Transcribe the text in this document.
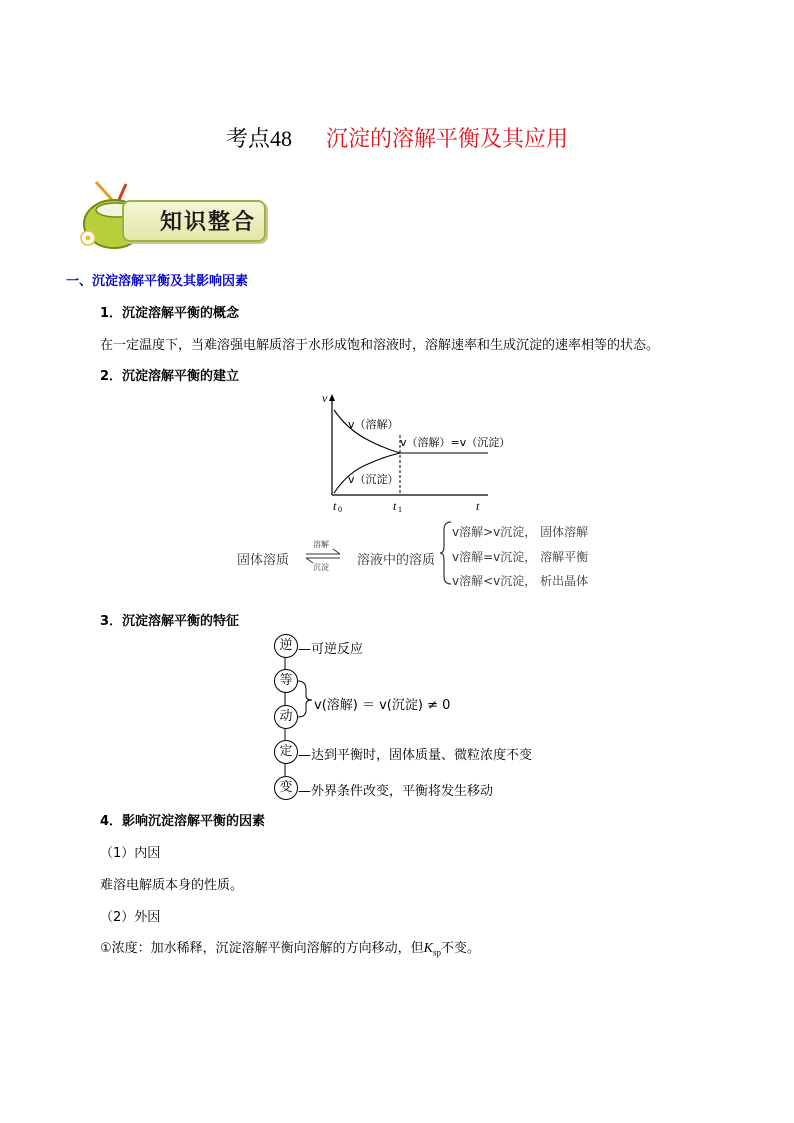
考点48 沉淀的溶解平衡及其应用
知识整合
一、沉淀溶解平衡及其影响因素
1．沉淀溶解平衡的概念
在一定温度下，当难溶强电解质溶于水形成饱和溶液时，溶解速率和生成沉淀的速率相等的状态。
2．沉淀溶解平衡的建立
v
t
t 0	t 1
v（溶解）
v（沉淀）
v（溶解）=v（沉淀）
固体溶质 ⇌
溶解
沉淀 溶液中的溶质
v溶解>v沉淀， 固体溶解
v溶解=v沉淀， 溶解平衡
v溶解<v沉淀， 析出晶体
3．沉淀溶解平衡的特征
逆 —可逆反应
等
动
v(溶解) ＝ v(沉淀) ≠ 0
定 —达到平衡时，固体质量、微粒浓度不变
变 —外界条件改变，平衡将发生移动
4．影响沉淀溶解平衡的因素
（1）内因
难溶电解质本身的性质。
（2）外因
①浓度：加水稀释，沉淀溶解平衡向溶解的方向移动，但$K_{sp}$不变。
